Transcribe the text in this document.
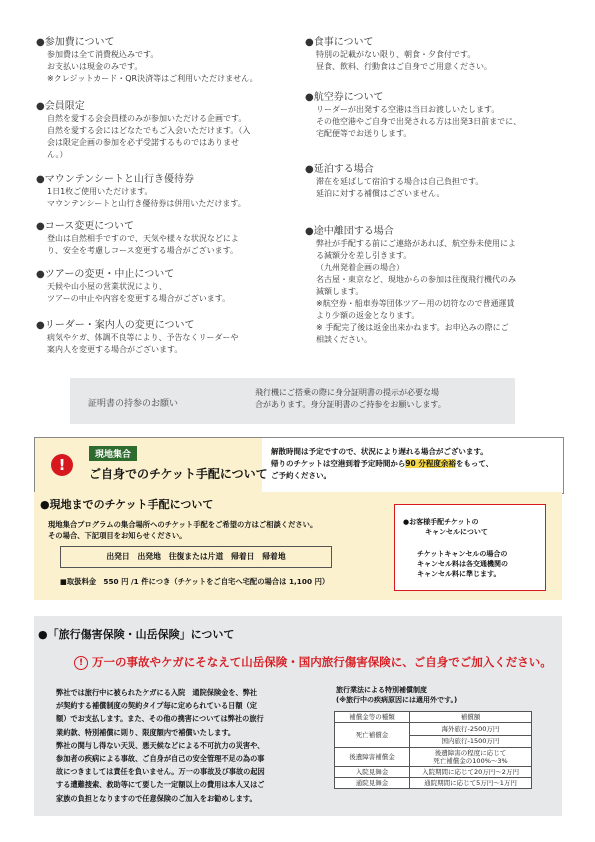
●参加費について
参加費は全て消費税込みです。
お支払いは現金のみです。
※クレジットカード・QR決済等はご利用いただけません。
●会員限定
自然を愛する会会員様のみが参加いただける企画です。
自然を愛する会にはどなたでもご入会いただけます。（入
会は限定企画の参加を必ず受諾するものではありませ
ん。）
●マウンテンシートと山行き優待券
1日1枚ご使用いただけます。
マウンテンシートと山行き優待券は併用いただけます。
●コース変更について
登山は自然相手ですので、天気や様々な状況などによ
り、安全を考慮しコース変更する場合がございます。
●ツアーの変更・中止について
天候や山小屋の営業状況により、
ツアーの中止や内容を変更する場合がございます。
●リーダー・案内人の変更について
病気やケガ、体調不良等により、予告なくリーダーや
案内人を変更する場合がございます。
●食事について
特別の記載がない限り、朝食・夕食付です。
昼食、飲料、行動食はご自身でご用意ください。
●航空券について
リーダーが出発する空港は当日お渡しいたします。
その他空港やご自身で出発される方は出発3日前までに、
宅配便等でお送りします。
●延泊する場合
滞在を延ばして宿泊する場合は自己負担です。
延泊に対する補償はございません。
●途中離団する場合
弊社が手配する前にご連絡があれば、航空券未使用によ
る減額分を差し引きます。
（九州発着企画の場合）
名古屋・東京など、現地からの参加は往復飛行機代のみ
減額します。
※航空券・船車券等団体ツアー用の切符なので普通運賃
より少額の返金となります。
※ 手配完了後は返金出来かねます。お申込みの際にご
相談ください。
証明書の持参のお願い
飛行機にご搭乗の際に身分証明書の提示が必要な場
合があります。身分証明書のご持参をお願いします。
!
現地集合
ご自身でのチケット手配について
解散時間は予定ですので、状況により遅れる場合がございます。
帰りのチケットは空港到着予定時間から90 分程度余裕をもって、
ご予約ください。
●現地までのチケット手配について
現地集合プログラムの集合場所へのチケット手配をご希望の方はご相談ください。
その場合、下記項目をお知らせください。
出発日　出発地　往復または片道　帰着日　帰着地
■取扱料金　550 円 /1 件につき（チケットをご自宅へ宅配の場合は 1,100 円）
●お客様手配チケットの
キャンセルについて
チケットキャンセルの場合の
キャンセル料は各交通機関の
キャンセル料に準じます。
●「旅行傷害保険・山岳保険」について
! 万一の事故やケガにそなえて山岳保険・国内旅行傷害保険に、ご自身でご加入ください。
弊社では旅行中に被られたケガにる入院　通院保険金を、弊社
が契約する補償制度の契約タイプ毎に定められている日額（定
額）でお支払します。また、その他の携害については弊社の旅行
業約款、特別補償に則り、限度額内で補償いたします。
弊社の関与し得ない天災、悪天候などによる不可抗力の災害や、
参加者の疾病による事故、ご自身が自己の安全管理不足の為の事
故につきましては責任を負いません。万一の事故及び事故の起因
する遭難捜索、救助等にて要した一定額以上の費用は本人又はご
家族の負担となりますので任意保険のご加入をお勧めします。
旅行業法による特別補償制度
(※旅行中の疾病原因には適用外です。)
補償金等の種類	補償額
死亡補償金	海外旅行-2500万円
	国内旅行-1500万円
後遺障害補償金	後遺障害の程度に応じて
死亡補償金の100%～3%

入院見舞金	入院期間に応じて20万円～2万円
通院見舞金	通院期間に応じて5万円～1万円
